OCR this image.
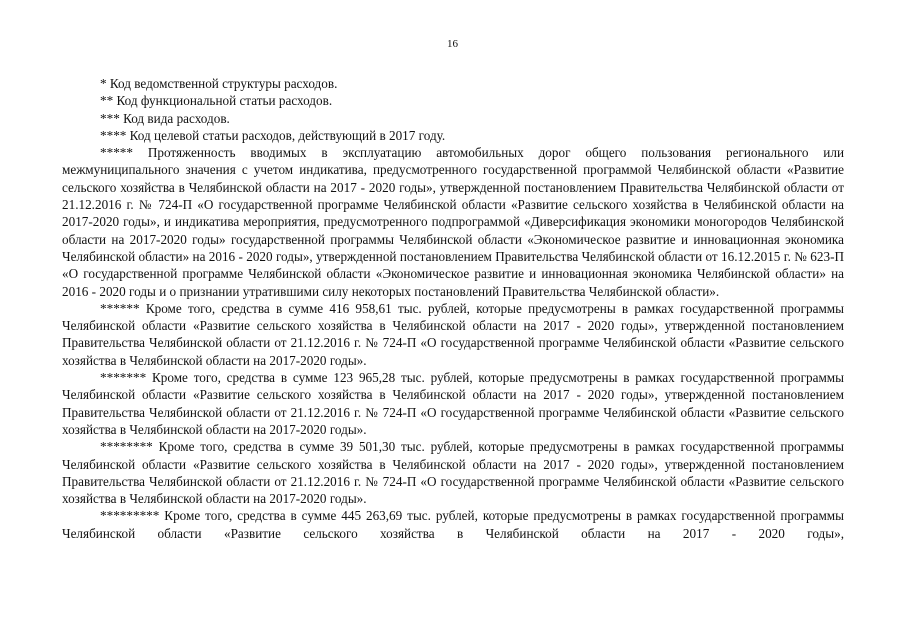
16

* Код ведомственной структуры расходов.

** Код функциональной статьи расходов.

*** Код вида расходов.

**** Код целевой статьи расходов, действующий в 2017 году.

***** Протяженность вводимых в эксплуатацию автомобильных дорог общего пользования регионального или межмуниципального значения с учетом индикатива, предусмотренного государственной программой Челябинской области «Развитие сельского хозяйства в Челябинской области на 2017 - 2020 годы», утвержденной постановлением Правительства Челябинской области от 21.12.2016 г. № 724-П «О государственной программе Челябинской области «Развитие сельского хозяйства в Челябинской области на 2017-2020 годы», и индикатива мероприятия, предусмотренного подпрограммой «Диверсификация экономики моногородов Челябинской области на 2017-2020 годы» государственной программы Челябинской области «Экономическое развитие и инновационная экономика Челябинской области» на 2016 - 2020 годы», утвержденной постановлением Правительства Челябинской области от 16.12.2015 г. № 623-П «О государственной программе Челябинской области «Экономическое развитие и инновационная экономика Челябинской области» на 2016 - 2020 годы и о признании утратившими силу некоторых постановлений Правительства Челябинской области».

****** Кроме того, средства в сумме 416 958,61 тыс. рублей, которые предусмотрены в рамках государственной программы Челябинской области «Развитие сельского хозяйства в Челябинской области на 2017 - 2020 годы», утвержденной постановлением Правительства Челябинской области от 21.12.2016 г. № 724-П «О государственной программе Челябинской области «Развитие сельского хозяйства в Челябинской области на 2017-2020 годы».

******* Кроме того, средства в сумме 123 965,28 тыс. рублей, которые предусмотрены в рамках государственной программы Челябинской области «Развитие сельского хозяйства в Челябинской области на 2017 - 2020 годы», утвержденной постановлением Правительства Челябинской области от 21.12.2016 г. № 724-П «О государственной программе Челябинской области «Развитие сельского хозяйства в Челябинской области на 2017-2020 годы».

******** Кроме того, средства в сумме 39 501,30 тыс. рублей, которые предусмотрены в рамках государственной программы Челябинской области «Развитие сельского хозяйства в Челябинской области на 2017 - 2020 годы», утвержденной постановлением Правительства Челябинской области от 21.12.2016 г. № 724-П «О государственной программе Челябинской области «Развитие сельского хозяйства в Челябинской области на 2017-2020 годы».

********* Кроме того, средства в сумме 445 263,69 тыс. рублей, которые предусмотрены в рамках государственной программы Челябинской области «Развитие сельского хозяйства в Челябинской области на 2017 - 2020 годы»,
